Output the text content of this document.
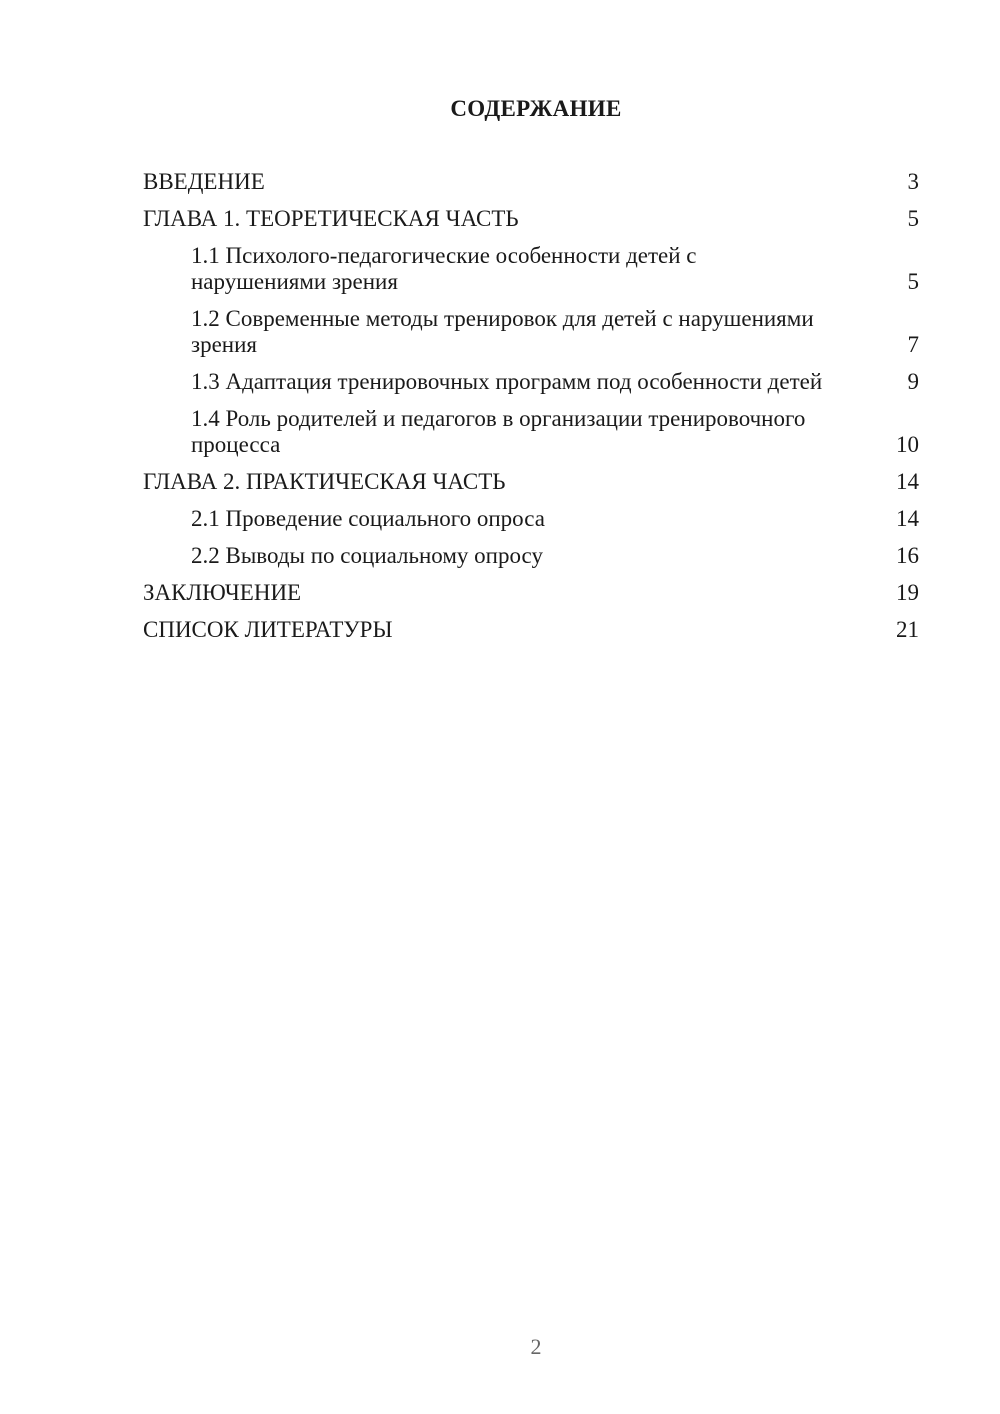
СОДЕРЖАНИЕ
ВВЕДЕНИЕ	3
ГЛАВА 1. ТЕОРЕТИЧЕСКАЯ ЧАСТЬ	5
1.1 Психолого-педагогические особенности детей с нарушениями зрения	5
1.2 Современные методы тренировок для детей с нарушениями зрения	7
1.3 Адаптация тренировочных программ под особенности детей	9
1.4 Роль родителей и педагогов в организации тренировочного процесса	10
ГЛАВА 2. ПРАКТИЧЕСКАЯ ЧАСТЬ	14
2.1 Проведение социального опроса	14
2.2 Выводы по социальному опросу	16
ЗАКЛЮЧЕНИЕ	19
СПИСОК ЛИТЕРАТУРЫ	21
2
